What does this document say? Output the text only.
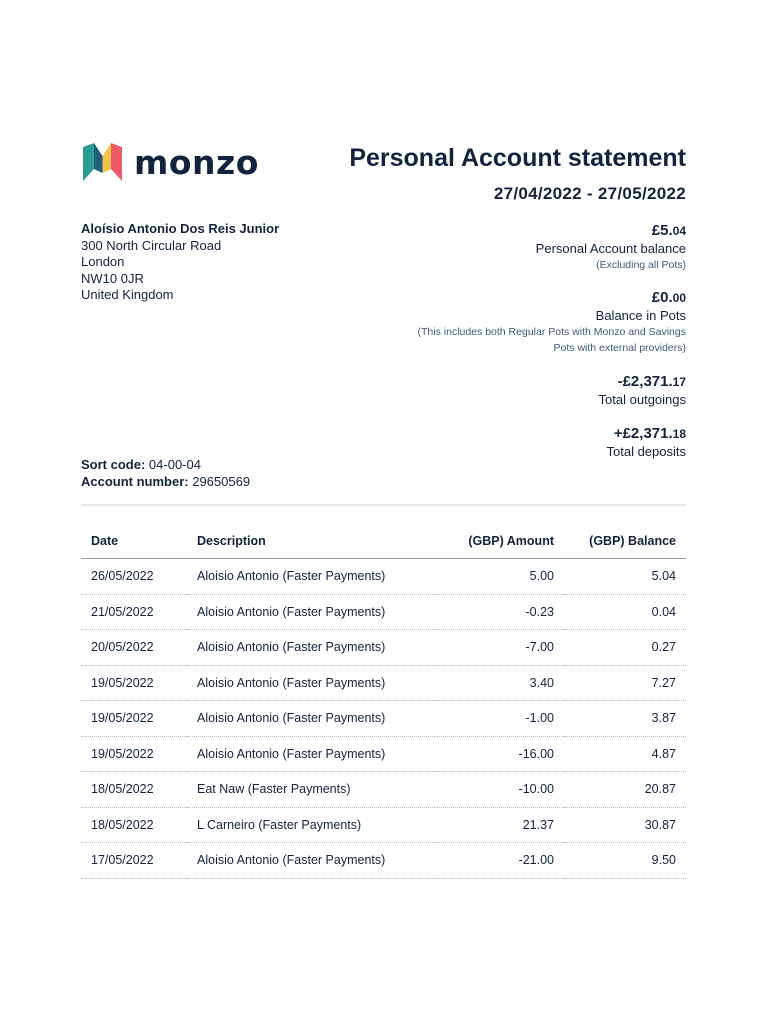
monzo	Personal Account statement
27/04/2022 - 27/05/2022
Aloísio Antonio Dos Reis Junior
300 North Circular Road
London
NW10 0JR
United Kingdom
£5.04
Personal Account balance
(Excluding all Pots)
£0.00
Balance in Pots
(This includes both Regular Pots with Monzo and Savings
Pots with external providers)
-£2,371.17
Total outgoings
+£2,371.18
Total deposits
Sort code: 04-00-04
Account number: 29650569
Date	Description	(GBP) Amount	(GBP) Balance
26/05/2022	Aloisio Antonio (Faster Payments)	5.00	5.04
21/05/2022	Aloisio Antonio (Faster Payments)	-0.23	0.04
20/05/2022	Aloisio Antonio (Faster Payments)	-7.00	0.27
19/05/2022	Aloisio Antonio (Faster Payments)	3.40	7.27
19/05/2022	Aloisio Antonio (Faster Payments)	-1.00	3.87
19/05/2022	Aloisio Antonio (Faster Payments)	-16.00	4.87
18/05/2022	Eat Naw (Faster Payments)	-10.00	20.87
18/05/2022	L Carneiro (Faster Payments)	21.37	30.87
17/05/2022	Aloisio Antonio (Faster Payments)	-21.00	9.50
